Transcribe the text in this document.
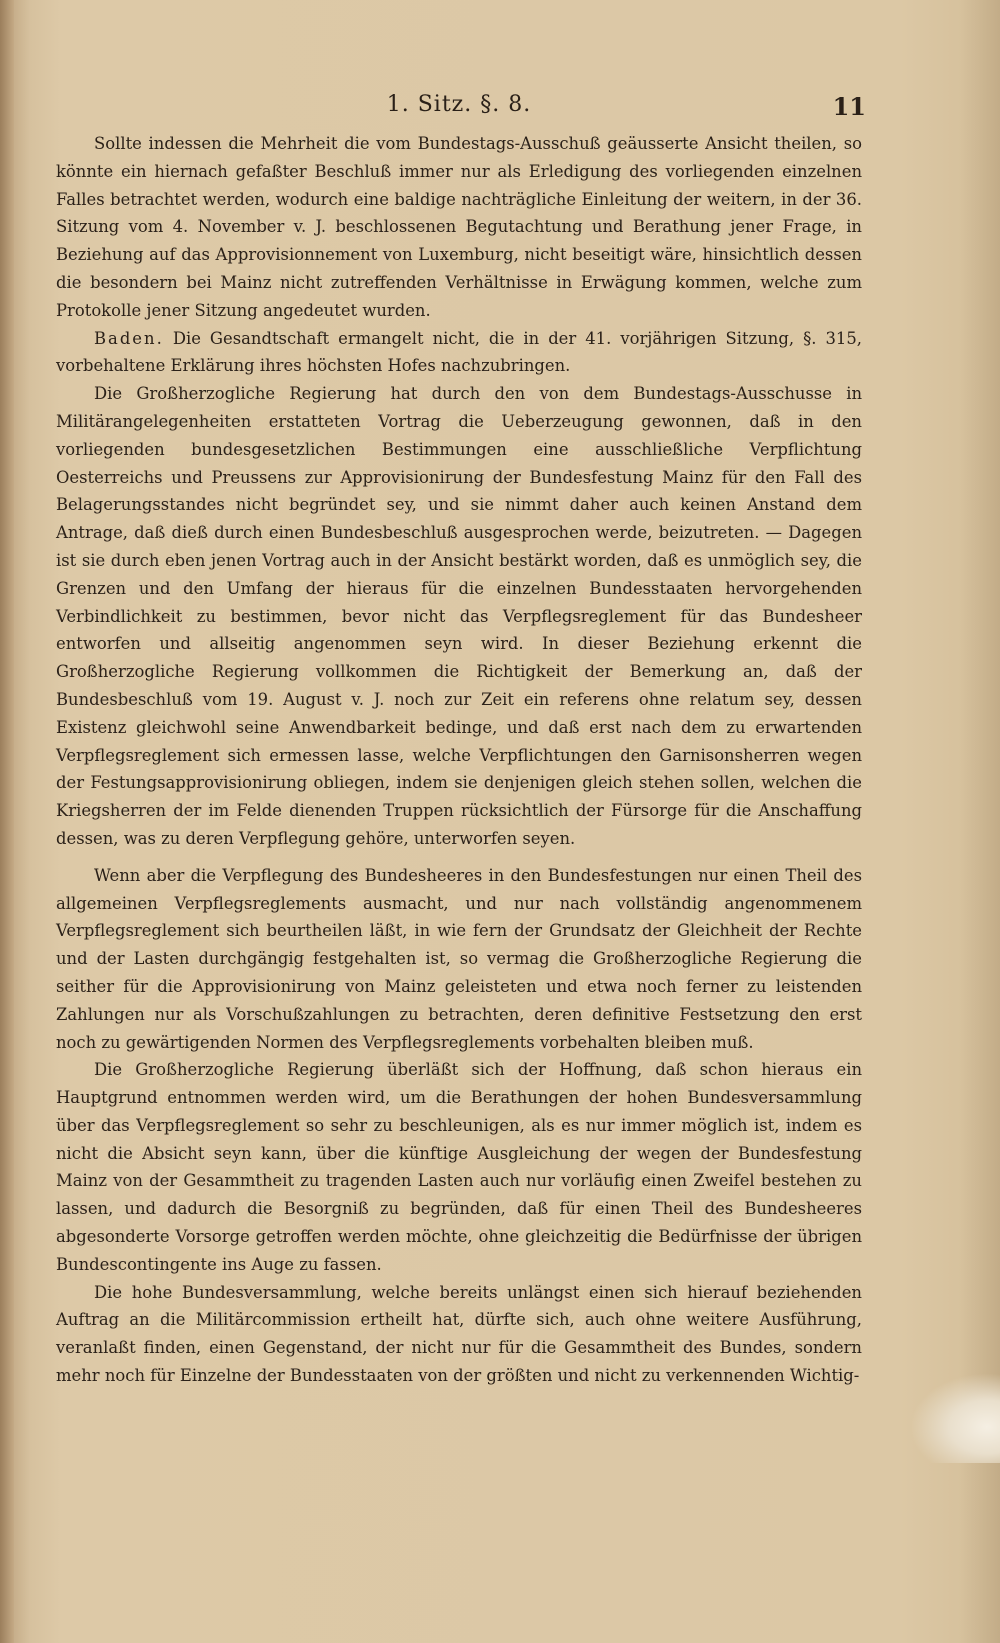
1. Sitz. §. 8.	11

Sollte indessen die Mehrheit die vom Bundestags-Ausschuß geäusserte Ansicht theilen, so könnte ein hiernach gefaßter Beschluß immer nur als Erledigung des vorliegenden einzelnen Falles betrachtet werden, wodurch eine baldige nachträgliche Einleitung der weitern, in der 36. Sitzung vom 4. November v. J. beschlossenen Begutachtung und Berathung jener Frage, in Beziehung auf das Approvisionnement von Luxemburg, nicht beseitigt wäre, hinsichtlich dessen die besondern bei Mainz nicht zutreffenden Verhältnisse in Erwägung kommen, welche zum Protokolle jener Sitzung angedeutet wurden.

Baden. Die Gesandtschaft ermangelt nicht, die in der 41. vorjährigen Sitzung, §. 315, vorbehaltene Erklärung ihres höchsten Hofes nachzubringen.

Die Großherzogliche Regierung hat durch den von dem Bundestags-Ausschusse in Militärangelegenheiten erstatteten Vortrag die Ueberzeugung gewonnen, daß in den vorliegenden bundesgesetzlichen Bestimmungen eine ausschließliche Verpflichtung Oesterreichs und Preussens zur Approvisionirung der Bundesfestung Mainz für den Fall des Belagerungsstandes nicht begründet sey, und sie nimmt daher auch keinen Anstand dem Antrage, daß dieß durch einen Bundesbeschluß ausgesprochen werde, beizutreten. — Dagegen ist sie durch eben jenen Vortrag auch in der Ansicht bestärkt worden, daß es unmöglich sey, die Grenzen und den Umfang der hieraus für die einzelnen Bundesstaaten hervorgehenden Verbindlichkeit zu bestimmen, bevor nicht das Verpflegsreglement für das Bundesheer entworfen und allseitig angenommen seyn wird. In dieser Beziehung erkennt die Großherzogliche Regierung vollkommen die Richtigkeit der Bemerkung an, daß der Bundesbeschluß vom 19. August v. J. noch zur Zeit ein referens ohne relatum sey, dessen Existenz gleichwohl seine Anwendbarkeit bedinge, und daß erst nach dem zu erwartenden Verpflegsreglement sich ermessen lasse, welche Verpflichtungen den Garnisonsherren wegen der Festungsapprovisionirung obliegen, indem sie denjenigen gleich stehen sollen, welchen die Kriegsherren der im Felde dienenden Truppen rücksichtlich der Fürsorge für die Anschaffung dessen, was zu deren Verpflegung gehöre, unterworfen seyen.

Wenn aber die Verpflegung des Bundesheeres in den Bundesfestungen nur einen Theil des allgemeinen Verpflegsreglements ausmacht, und nur nach vollständig angenommenem Verpflegsreglement sich beurtheilen läßt, in wie fern der Grundsatz der Gleichheit der Rechte und der Lasten durchgängig festgehalten ist, so vermag die Großherzogliche Regierung die seither für die Approvisionirung von Mainz geleisteten und etwa noch ferner zu leistenden Zahlungen nur als Vorschußzahlungen zu betrachten, deren definitive Festsetzung den erst noch zu gewärtigenden Normen des Verpflegsreglements vorbehalten bleiben muß.

Die Großherzogliche Regierung überläßt sich der Hoffnung, daß schon hieraus ein Hauptgrund entnommen werden wird, um die Berathungen der hohen Bundesversammlung über das Verpflegsreglement so sehr zu beschleunigen, als es nur immer möglich ist, indem es nicht die Absicht seyn kann, über die künftige Ausgleichung der wegen der Bundesfestung Mainz von der Gesammtheit zu tragenden Lasten auch nur vorläufig einen Zweifel bestehen zu lassen, und dadurch die Besorgniß zu begründen, daß für einen Theil des Bundesheeres abgesonderte Vorsorge getroffen werden möchte, ohne gleichzeitig die Bedürfnisse der übrigen Bundescontingente ins Auge zu fassen.

Die hohe Bundesversammlung, welche bereits unlängst einen sich hierauf beziehenden Auftrag an die Militärcommission ertheilt hat, dürfte sich, auch ohne weitere Ausführung, veranlaßt finden, einen Gegenstand, der nicht nur für die Gesammtheit des Bundes, sondern mehr noch für Einzelne der Bundesstaaten von der größten und nicht zu verkennenden Wichtig-
